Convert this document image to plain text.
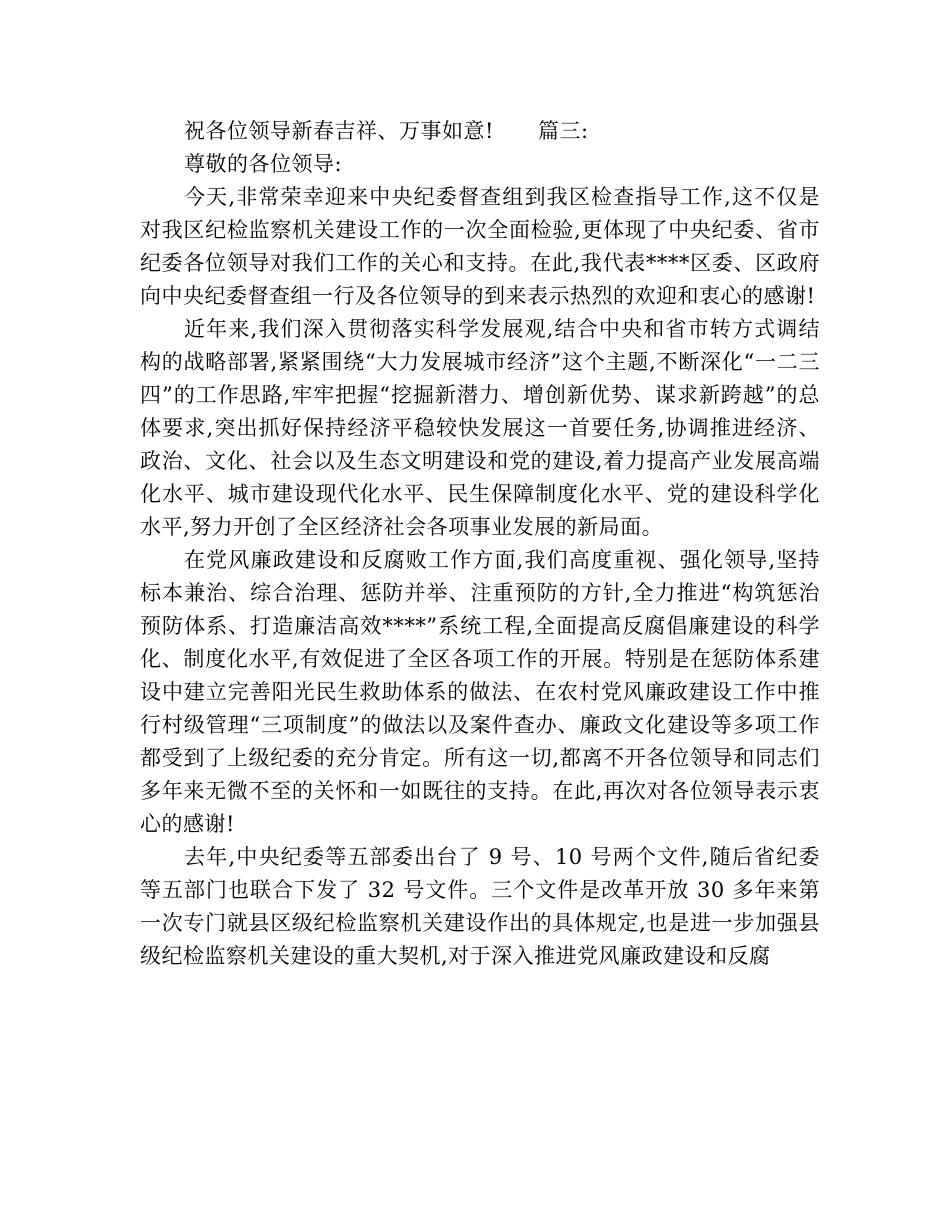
祝各位领导新春吉祥、万事如意! 篇三:

尊敬的各位领导:

今天,非常荣幸迎来中央纪委督查组到我区检查指导工作,这不仅是对我区纪检监察机关建设工作的一次全面检验,更体现了中央纪委、省市纪委各位领导对我们工作的关心和支持。在此,我代表****区委、区政府向中央纪委督查组一行及各位领导的到来表示热烈的欢迎和衷心的感谢!

近年来,我们深入贯彻落实科学发展观,结合中央和省市转方式调结构的战略部署,紧紧围绕“大力发展城市经济”这个主题,不断深化“一二三四”的工作思路,牢牢把握“挖掘新潜力、增创新优势、谋求新跨越”的总体要求,突出抓好保持经济平稳较快发展这一首要任务,协调推进经济、政治、文化、社会以及生态文明建设和党的建设,着力提高产业发展高端化水平、城市建设现代化水平、民生保障制度化水平、党的建设科学化水平,努力开创了全区经济社会各项事业发展的新局面。

在党风廉政建设和反腐败工作方面,我们高度重视、强化领导,坚持标本兼治、综合治理、惩防并举、注重预防的方针,全力推进“构筑惩治预防体系、打造廉洁高效****”系统工程,全面提高反腐倡廉建设的科学化、制度化水平,有效促进了全区各项工作的开展。特别是在惩防体系建设中建立完善阳光民生救助体系的做法、在农村党风廉政建设工作中推行村级管理“三项制度”的做法以及案件查办、廉政文化建设等多项工作都受到了上级纪委的充分肯定。所有这一切,都离不开各位领导和同志们多年来无微不至的关怀和一如既往的支持。在此,再次对各位领导表示衷心的感谢!

去年,中央纪委等五部委出台了 9 号、10 号两个文件,随后省纪委等五部门也联合下发了 32 号文件。三个文件是改革开放 30 多年来第一次专门就县区级纪检监察机关建设作出的具体规定,也是进一步加强县级纪检监察机关建设的重大契机,对于深入推进党风廉政建设和反腐
